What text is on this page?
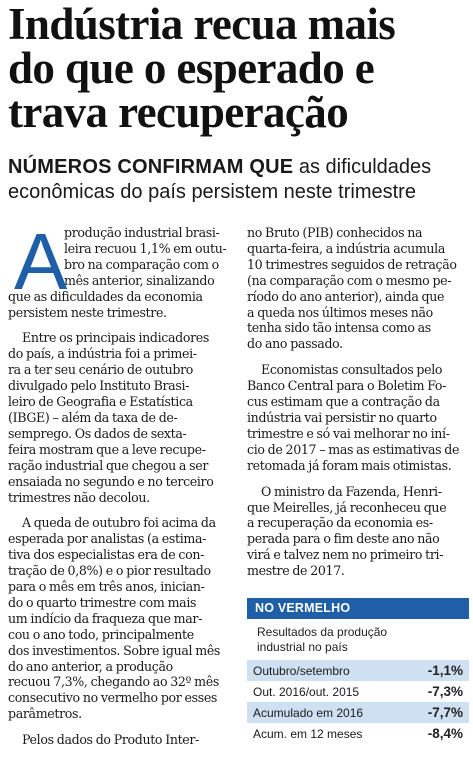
Indústria recua mais
do que o esperado e
trava recuperação
NÚMEROS CONFIRMAM QUE as dificuldades
econômicas do país persistem neste trimestre
A

produção industrial brasi-
leira recuou 1,1% em outu-
bro na comparação com o
mês anterior, sinalizando
que as dificuldades da economia
persistem neste trimestre.

Entre os principais indicadores
do país, a indústria foi a primei-
ra a ter seu cenário de outubro
divulgado pelo Instituto Brasi-
leiro de Geografia e Estatística
(IBGE) – além da taxa de de-
semprego. Os dados de sexta-
feira mostram que a leve recupe-
ração industrial que chegou a ser
ensaiada no segundo e no terceiro
trimestres não decolou.

A queda de outubro foi acima da
esperada por analistas (a estima-
tiva dos especialistas era de con-
tração de 0,8%) e o pior resultado
para o mês em três anos, inician-
do o quarto trimestre com mais
um indício da fraqueza que mar-
cou o ano todo, principalmente
dos investimentos. Sobre igual mês
do ano anterior, a produção
recuou 7,3%, chegando ao 32º mês
consecutivo no vermelho por esses
parâmetros.

Pelos dados do Produto Inter-

no Bruto (PIB) conhecidos na
quarta-feira, a indústria acumula
10 trimestres seguidos de retração
(na comparação com o mesmo pe-
ríodo do ano anterior), ainda que
a queda nos últimos meses não
tenha sido tão intensa como as
do ano passado.

Economistas consultados pelo
Banco Central para o Boletim Fo-
cus estimam que a contração da
indústria vai persistir no quarto
trimestre e só vai melhorar no iní-
cio de 2017 – mas as estimativas de
retomada já foram mais otimistas.

O ministro da Fazenda, Henri-
que Meirelles, já reconheceu que
a recuperação da economia es-
perada para o fim deste ano não
virá e talvez nem no primeiro tri-
mestre de 2017.

NO VERMELHO
Resultados da produção
industrial no país
Outubro/setembro	-1,1%
Out. 2016/out. 2015	-7,3%
Acumulado em 2016	-7,7%
Acum. em 12 meses	-8,4%
